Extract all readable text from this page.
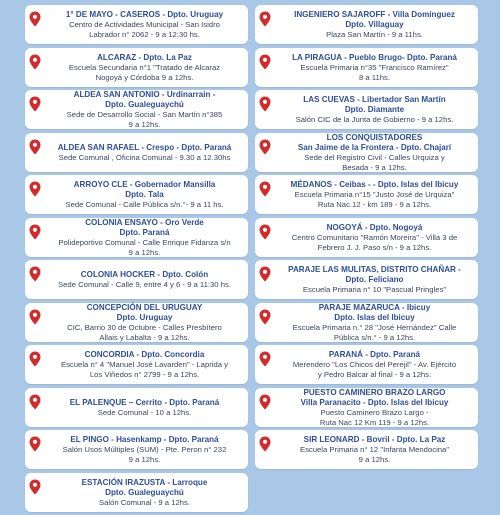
1° DE MAYO - CASEROS - Dpto. Uruguay
Centro de Actividades Municipal - San Isidro
Labrador n° 2062 - 9 a 12:30 hs.
ALCARAZ - Dpto. La Paz
Escuela Secundaria n°1 "Tratado de Alcaraz
Nogoyá y Córdoba 9 a 12hs.
ALDEA SAN ANTONIO - Urdinarrain -
Dpto. Gualeguaychú
Sede de Desarrollo Social - San Martín n°385
9 a 12hs.
ALDEA SAN RAFAEL - Crespo - Dpto. Paraná
Sede Comunal , Oficina Comunal - 9.30 a 12.30hs
ARROYO CLE - Gobernador Mansilla
Dpto. Tala
Sede Comunal - Calle Pública s/n.°- 9 a 11 hs.
COLONIA ENSAYO - Oro Verde
Dpto. Paraná
Polideportivo Comunal - Calle Enrique Fidanza s/n
9 a 12hs.
COLONIA HOCKER - Dpto. Colón
Sede Comunal - Calle 9, entre 4 y 6 - 9 a 11:30 hs.
CONCEPCIÓN DEL URUGUAY
Dpto. Uruguay
CIC, Barrio 30 de Octubre - Calles Presbítero
Allais y Labalta - 9 a 12hs.
CONCORDIA - Dpto. Concordia
Escuela n° 4 "Manuel José Lavarden" - Laprida y
Los Viñedos n° 2799 - 9 a 12hs.
EL PALENQUE – Cerrito - Dpto. Paraná
Sede Comunal - 10 a 12hs.
EL PINGO - Hasenkamp - Dpto. Paraná
Salón Usos Múltiples (SUM) - Pte. Peron n° 232
9 a 12hs.
ESTACIÓN IRAZUSTA - Larroque
Dpto. Gualeguaychú
Salón Comunal - 9 a 12hs.
INGENIERO SAJAROFF - Villa Domínguez
Dpto. Villaguay
Plaza San Martín - 9 a 11hs.
LA PIRAGUA - Pueblo Brugo- Dpto. Paraná
Escuela Primaria n°35 "Francisco Ramírez"
8 a 11hs.
LAS CUEVAS - Libertador San Martín
Dpto. Diamante
Salón CIC de la Junta de Gobierno - 9 a 12hs.
LOS CONQUISTADORES
San Jaime de la Frontera - Dpto. Chajarí
Sede del Registro Civil - Calles Urquiza y
Besada - 9 a 12hs.
MÉDANOS - Ceibas - - Dpto. Islas del Ibicuy
Escuela Primaria n°15 "Justo José de Urquiza"
Ruta Nac.12 - km 189 - 9 a 12hs.
NOGOYÁ - Dpto. Nogoyá
Centro Comunitario "Ramón Moreira" - Villa 3 de
Febrero J. J. Paso s/n - 9 a 12hs.
PARAJE LAS MULITAS, DISTRITO CHAÑAR -
Dpto. Feliciano
Escuela Primaria n° 10 "Pascual Pringles"
PARAJE MAZARUCA - Ibicuy
Dpto. Islas del Ibicuy
Escuela Primaria n.° 28 "José Hernández" Calle
Pública s/n.° - 9 a 12hs.
PARANÁ - Dpto. Paraná
Merendero "Los Chicos del Perejil" - Av. Ejército
y Pedro Balcar al final - 9 a 12hs.
PUESTO CAMINERO BRAZO LARGO
Villa Paranacito - Dpto. Islas del Ibicuy
Puesto Caminero Brazo Largo -
Ruta Nac 12 Km 119 - 9 a 12hs.
SIR LEONARD - Bovril - Dpto. La Paz
Escuela Primaria n° 12 "Infanta Mendocina"
9 a 12hs.
